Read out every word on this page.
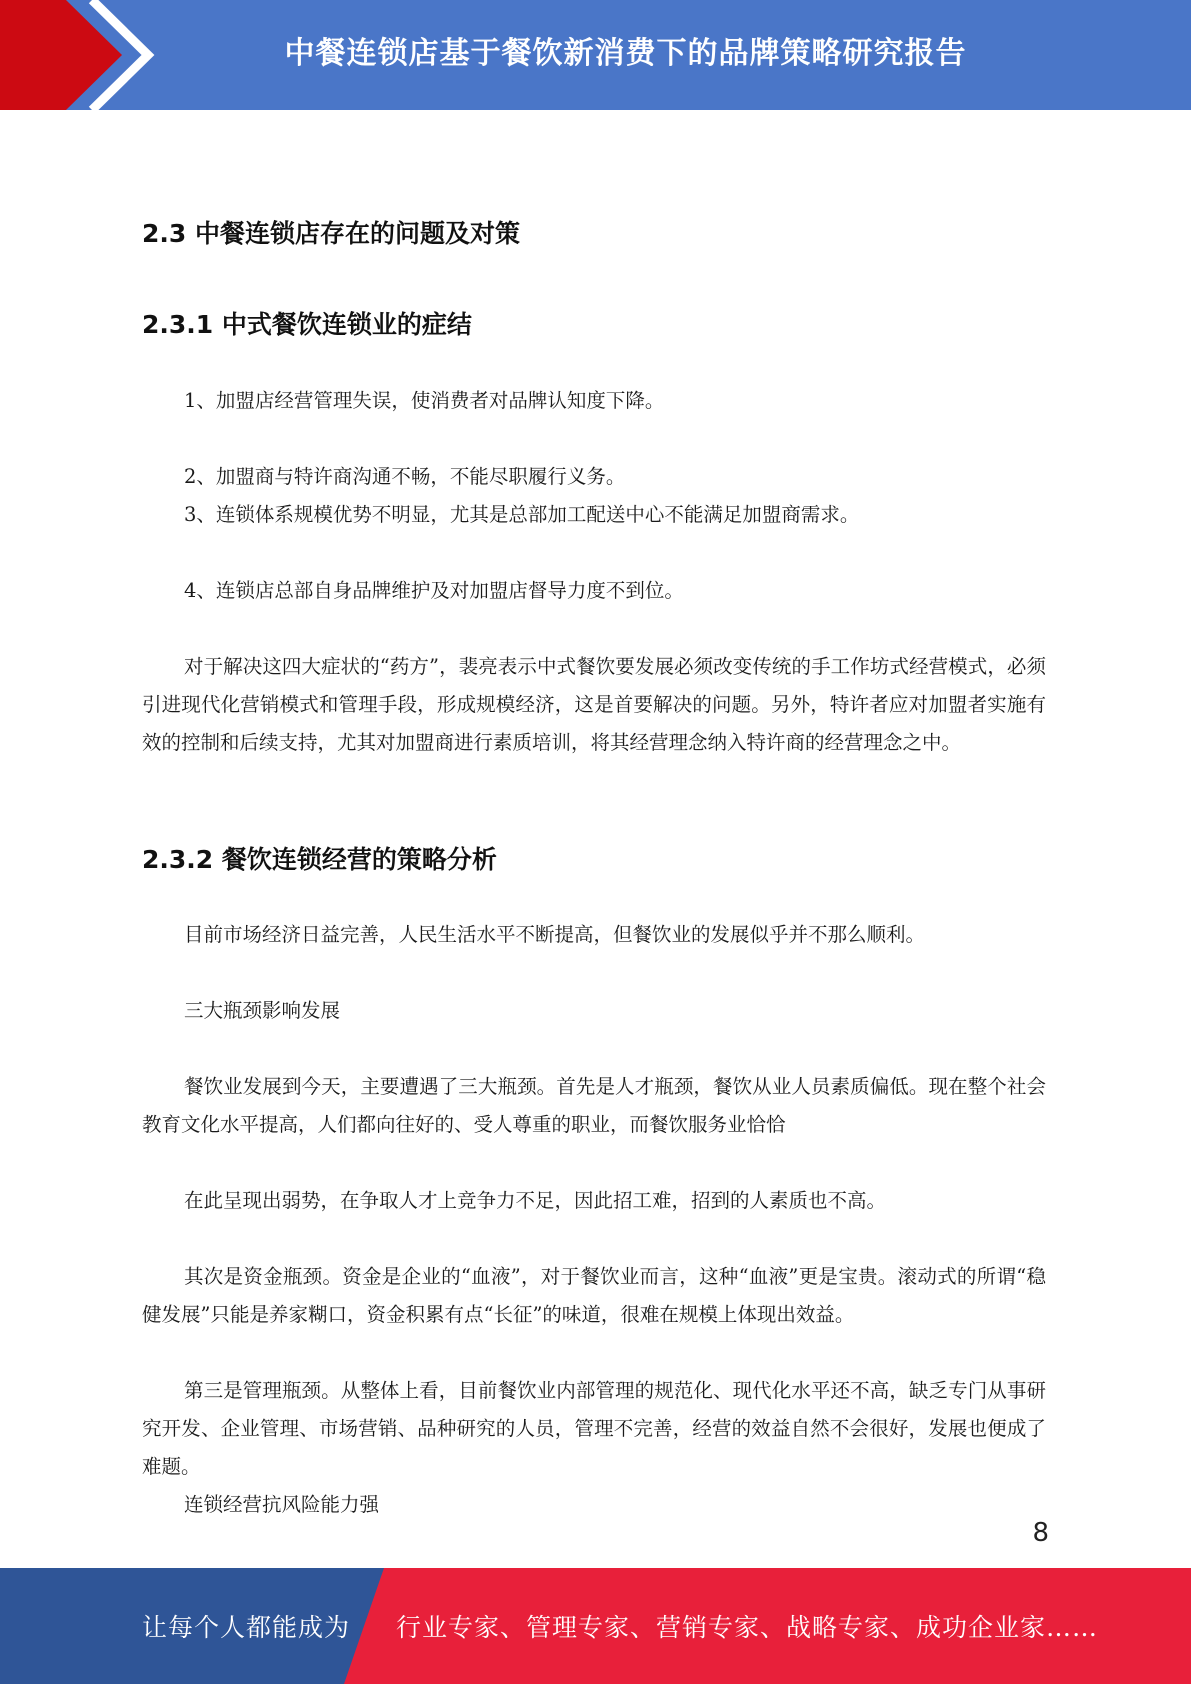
中餐连锁店基于餐饮新消费下的品牌策略研究报告
2.3 中餐连锁店存在的问题及对策
2.3.1 中式餐饮连锁业的症结

1、加盟店经营管理失误，使消费者对品牌认知度下降。

2、加盟商与特许商沟通不畅，不能尽职履行义务。

3、连锁体系规模优势不明显，尤其是总部加工配送中心不能满足加盟商需求。

4、连锁店总部自身品牌维护及对加盟店督导力度不到位。

对于解决这四大症状的“药方”，裴亮表示中式餐饮要发展必须改变传统的手工作坊式经营模式，必须引进现代化营销模式和管理手段，形成规模经济，这是首要解决的问题。另外，特许者应对加盟者实施有效的控制和后续支持，尤其对加盟商进行素质培训，将其经营理念纳入特许商的经营理念之中。

2.3.2 餐饮连锁经营的策略分析

目前市场经济日益完善，人民生活水平不断提高，但餐饮业的发展似乎并不那么顺利。

三大瓶颈影响发展

餐饮业发展到今天，主要遭遇了三大瓶颈。首先是人才瓶颈，餐饮从业人员素质偏低。现在整个社会教育文化水平提高，人们都向往好的、受人尊重的职业，而餐饮服务业恰恰

在此呈现出弱势，在争取人才上竞争力不足，因此招工难，招到的人素质也不高。

其次是资金瓶颈。资金是企业的“血液”，对于餐饮业而言，这种“血液”更是宝贵。滚动式的所谓“稳健发展”只能是养家糊口，资金积累有点“长征”的味道，很难在规模上体现出效益。

第三是管理瓶颈。从整体上看，目前餐饮业内部管理的规范化、现代化水平还不高，缺乏专门从事研究开发、企业管理、市场营销、品种研究的人员，管理不完善，经营的效益自然不会很好，发展也便成了难题。

连锁经营抗风险能力强

8
让每个人都能成为 行业专家、管理专家、营销专家、战略专家、成功企业家……
